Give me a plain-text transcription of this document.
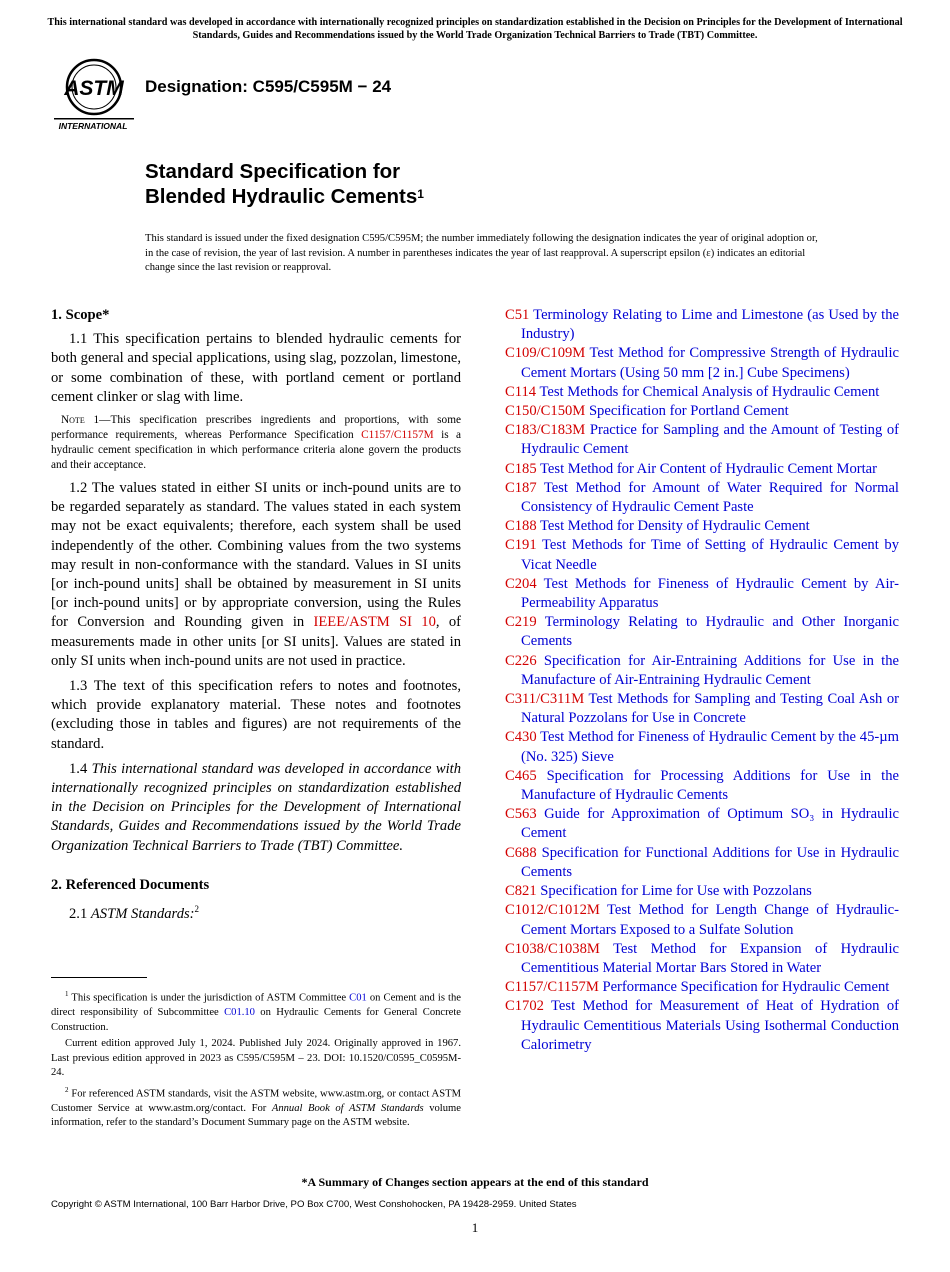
This international standard was developed in accordance with internationally recognized principles on standardization established in the Decision on Principles for the Development of International Standards, Guides and Recommendations issued by the World Trade Organization Technical Barriers to Trade (TBT) Committee.
ASTM
INTERNATIONAL
Designation: C595/C595M − 24
Standard Specification for
Blended Hydraulic Cements$^1$
This standard is issued under the fixed designation C595/C595M; the number immediately following the designation indicates the year of original adoption or, in the case of revision, the year of last revision. A number in parentheses indicates the year of last reapproval. A superscript epsilon (ε) indicates an editorial change since the last revision or reapproval.
1. Scope*

1.1 This specification pertains to blended hydraulic cements for both general and special applications, using slag, pozzolan, limestone, or some combination of these, with portland cement or portland cement clinker or slag with lime.

Note 1—This specification prescribes ingredients and proportions, with some performance requirements, whereas Performance Specification C1157/C1157M is a hydraulic cement specification in which performance criteria alone govern the products and their acceptance.

1.2 The values stated in either SI units or inch-pound units are to be regarded separately as standard. The values stated in each system may not be exact equivalents; therefore, each system shall be used independently of the other. Combining values from the two systems may result in non-conformance with the standard. Values in SI units [or inch-pound units] shall be obtained by measurement in SI units [or inch-pound units] or by appropriate conversion, using the Rules for Conversion and Rounding given in IEEE/ASTM SI 10, of measurements made in other units [or SI units]. Values are stated in only SI units when inch-pound units are not used in practice.

1.3 The text of this specification refers to notes and footnotes, which provide explanatory material. These notes and footnotes (excluding those in tables and figures) are not requirements of the standard.

1.4 This international standard was developed in accordance with internationally recognized principles on standardization established in the Decision on Principles for the Development of International Standards, Guides and Recommendations issued by the World Trade Organization Technical Barriers to Trade (TBT) Committee.

2. Referenced Documents

2.1 ASTM Standards:$^2$

C51 Terminology Relating to Lime and Limestone (as Used by the Industry)

C109/C109M Test Method for Compressive Strength of Hydraulic Cement Mortars (Using 50 mm [2 in.] Cube Specimens)

C114 Test Methods for Chemical Analysis of Hydraulic Cement

C150/C150M Specification for Portland Cement

C183/C183M Practice for Sampling and the Amount of Testing of Hydraulic Cement

C185 Test Method for Air Content of Hydraulic Cement Mortar

C187 Test Method for Amount of Water Required for Normal Consistency of Hydraulic Cement Paste

C188 Test Method for Density of Hydraulic Cement

C191 Test Methods for Time of Setting of Hydraulic Cement by Vicat Needle

C204 Test Methods for Fineness of Hydraulic Cement by Air-Permeability Apparatus

C219 Terminology Relating to Hydraulic and Other Inorganic Cements

C226 Specification for Air-Entraining Additions for Use in the Manufacture of Air-Entraining Hydraulic Cement

C311/C311M Test Methods for Sampling and Testing Coal Ash or Natural Pozzolans for Use in Concrete

C430 Test Method for Fineness of Hydraulic Cement by the 45-µm (No. 325) Sieve

C465 Specification for Processing Additions for Use in the Manufacture of Hydraulic Cements

C563 Guide for Approximation of Optimum SO₃ in Hydraulic Cement

C688 Specification for Functional Additions for Use in Hydraulic Cements

C821 Specification for Lime for Use with Pozzolans

C1012/C1012M Test Method for Length Change of Hydraulic-Cement Mortars Exposed to a Sulfate Solution

C1038/C1038M Test Method for Expansion of Hydraulic Cementitious Material Mortar Bars Stored in Water

C1157/C1157M Performance Specification for Hydraulic Cement

C1702 Test Method for Measurement of Heat of Hydration of Hydraulic Cementitious Materials Using Isothermal Conduction Calorimetry

$^1$ This specification is under the jurisdiction of ASTM Committee C01 on Cement and is the direct responsibility of Subcommittee C01.10 on Hydraulic Cements for General Concrete Construction.

Current edition approved July 1, 2024. Published July 2024. Originally approved in 1967. Last previous edition approved in 2023 as C595/C595M – 23. DOI: 10.1520/C0595_C0595M-24.

$^2$ For referenced ASTM standards, visit the ASTM website, www.astm.org, or contact ASTM Customer Service at www.astm.org/contact. For Annual Book of ASTM Standards volume information, refer to the standard’s Document Summary page on the ASTM website.

*A Summary of Changes section appears at the end of this standard
Copyright © ASTM International, 100 Barr Harbor Drive, PO Box C700, West Conshohocken, PA 19428-2959. United States
1
